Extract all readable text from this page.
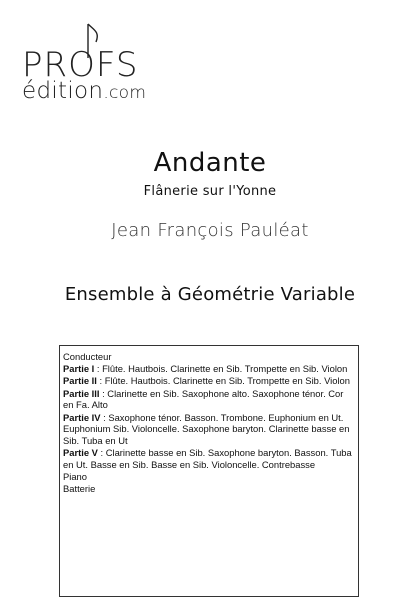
PROFS
édition.com
Andante
Flânerie sur l'Yonne
Jean François Pauléat
Ensemble à Géométrie Variable
Conducteur
Partie I : Flûte. Hautbois. Clarinette en Sib. Trompette en Sib. Violon
Partie II : Flûte. Hautbois. Clarinette en Sib. Trompette en Sib. Violon
Partie III : Clarinette en Sib. Saxophone alto. Saxophone ténor. Cor en Fa. Alto
Partie IV : Saxophone ténor. Basson. Trombone. Euphonium en Ut. Euphonium Sib. Violoncelle. Saxophone baryton. Clarinette basse en Sib. Tuba en Ut
Partie V : Clarinette basse en Sib. Saxophone baryton. Basson. Tuba en Ut. Basse en Sib. Basse en Sib. Violoncelle. Contrebasse
Piano
Batterie
